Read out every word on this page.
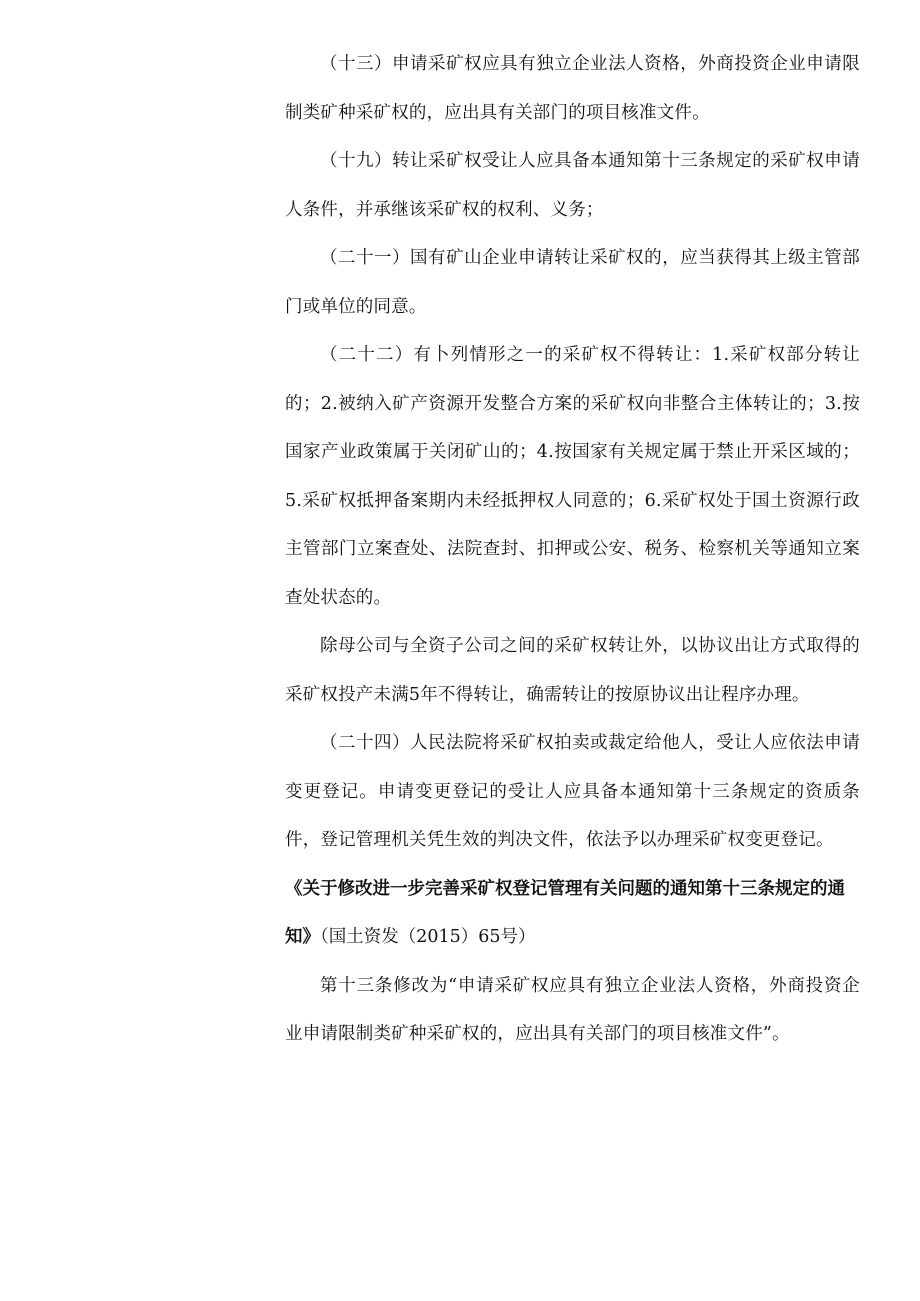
（十三）申请采矿权应具有独立企业法人资格，外商投资企业申请限制类矿种采矿权的，应出具有关部门的项目核准文件。

（十九）转让采矿权受让人应具备本通知第十三条规定的采矿权申请人条件，并承继该采矿权的权利、义务；

（二十一）国有矿山企业申请转让采矿权的，应当获得其上级主管部门或单位的同意。

（二十二）有卜列情形之一的采矿权不得转让：1.采矿权部分转让的；2.被纳入矿产资源开发整合方案的采矿权向非整合主体转让的；3.按国家产业政策属于关闭矿山的；4.按国家有关规定属于禁止开采区域的；5.采矿权抵押备案期内未经抵押权人同意的；6.采矿权处于国土资源行政主管部门立案查处、法院查封、扣押或公安、税务、检察机关等通知立案查处状态的。

除母公司与全资子公司之间的采矿权转让外，以协议出让方式取得的采矿权投产未满5年不得转让，确需转让的按原协议出让程序办理。

（二十四）人民法院将采矿权拍卖或裁定给他人，受让人应依法申请变更登记。申请变更登记的受让人应具备本通知第十三条规定的资质条件，登记管理机关凭生效的判决文件，依法予以办理采矿权变更登记。

《关于修改进一步完善采矿权登记管理有关问题的通知第十三条规定的通知》（国土资发（2015）65号）

第十三条修改为“申请采矿权应具有独立企业法人资格，外商投资企业申请限制类矿种采矿权的，应出具有关部门的项目核准文件”。
